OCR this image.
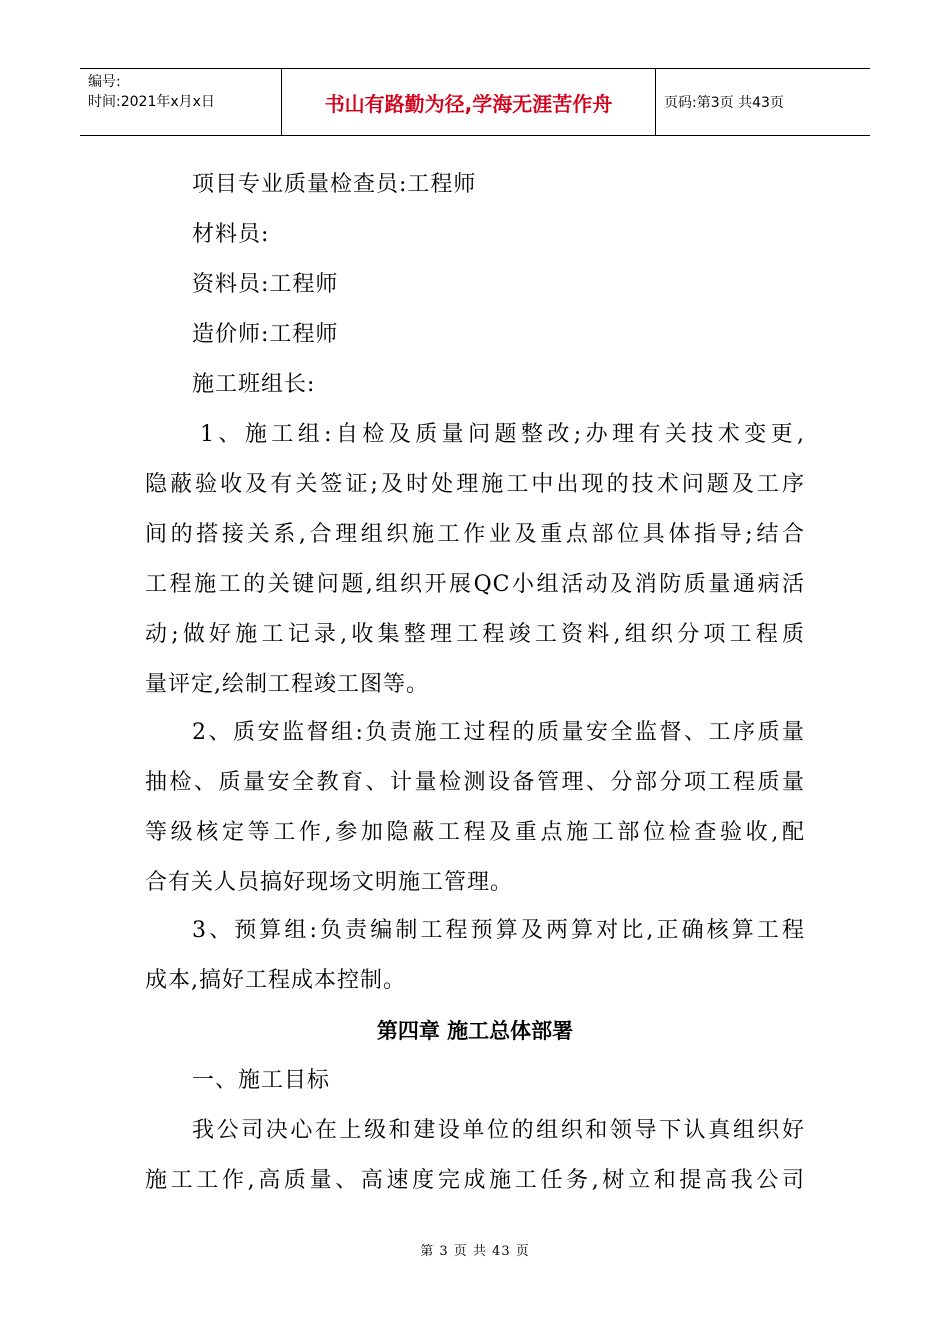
编号:
时间:2021年x月x日	书山有路勤为径,学海无涯苦作舟	页码:第3页 共43页
项目专业质量检查员:工程师
材料员:
资料员:工程师
造价师:工程师
施工班组长:
1、施工组:自检及质量问题整改;办理有关技术变更,
隐蔽验收及有关签证;及时处理施工中出现的技术问题及工序
间的搭接关系,合理组织施工作业及重点部位具体指导;结合
工程施工的关键问题,组织开展QC小组活动及消防质量通病活
动;做好施工记录,收集整理工程竣工资料,组织分项工程质
量评定,绘制工程竣工图等。
2、质安监督组:负责施工过程的质量安全监督、工序质量
抽检、质量安全教育、计量检测设备管理、分部分项工程质量
等级核定等工作,参加隐蔽工程及重点施工部位检查验收,配
合有关人员搞好现场文明施工管理。
3、预算组:负责编制工程预算及两算对比,正确核算工程
成本,搞好工程成本控制。
第四章 施工总体部署
一、施工目标
我公司决心在上级和建设单位的组织和领导下认真组织好
施工工作,高质量、高速度完成施工任务,树立和提高我公司
第 3 页 共 43 页
